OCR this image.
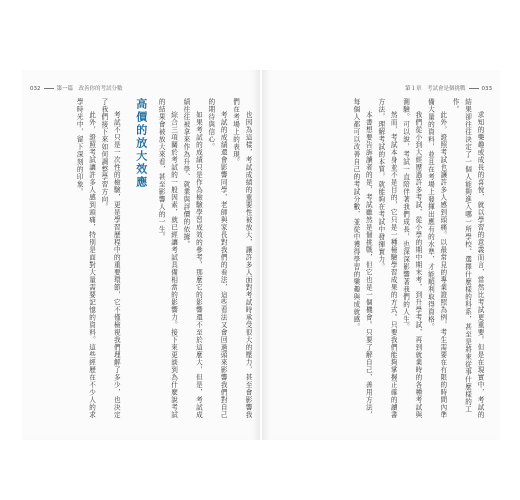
032	第一篇　 改善你的考試分數

也因為這樣，考試成績的重要性被放大，讓許多人面對考試時承受很大的壓力，甚至會影響我們在考場上的表現。

考試的成績還會影響同學、老師與家長對我們的看法，這些看法又會回過頭來影響我們對自己的期待與信心。

如果考試的成績只是作為檢驗學習成效的參考，那麼它的影響還不至於這麼大，但是，考試成績往往被拿來作為升學、就業與評價的依據。

綜合三項關於考試的一般因素，就已經讓考試具備相當的影響力。接下來更談到為什麼說考試的結果會被放大來看，甚至影響人的一生。

高價的放大效應

考試不只是一次性的檢驗，更是學習歷程中的重要環節，它不僅檢視我們理解了多少，也決定了我們接下來如何調整學習方向。

此外，證照考試讓許多人感到頭痛，特別是面對大量需要記憶的資料。這些經歷在不少人的求學時光中，留下深刻的印象。

第１章　 考試會是個挑戰	033

求知的樂趣或成長的喜悅，就以學習的意義而言，當然比考試更重要。但是在現實中，考試的結果卻往往決定了一個人能夠進入哪一所學校、選擇什麼樣的科系，甚至是將來從事什麼樣的工作。

此外，證照考試也讓許多人感到頭痛。以最常見的專業證照為例，考生需要在有限的時間內準備大量的資料，並且在考場上發揮出應有的水準，才能順利取得資格。

我們從小到大經歷過許多考試，從小學的期中期末考，到升學考試，再到就業時的各種考試與測驗。可以說，考試一直陪伴著我們成長，也深深影響著我們的人生。

然而，考試本身並不是目的，它只是一種檢驗學習成果的方式。只要我們能夠掌握正確的讀書方法，理解考試的本質，就能夠在考試中發揮實力。

本書想要告訴讀者的是，考試雖然是個挑戰，但它也是一個機會。只要了解自己、善用方法，每個人都可以改善自己的考試分數，並從中獲得學習的樂趣與成就感。
